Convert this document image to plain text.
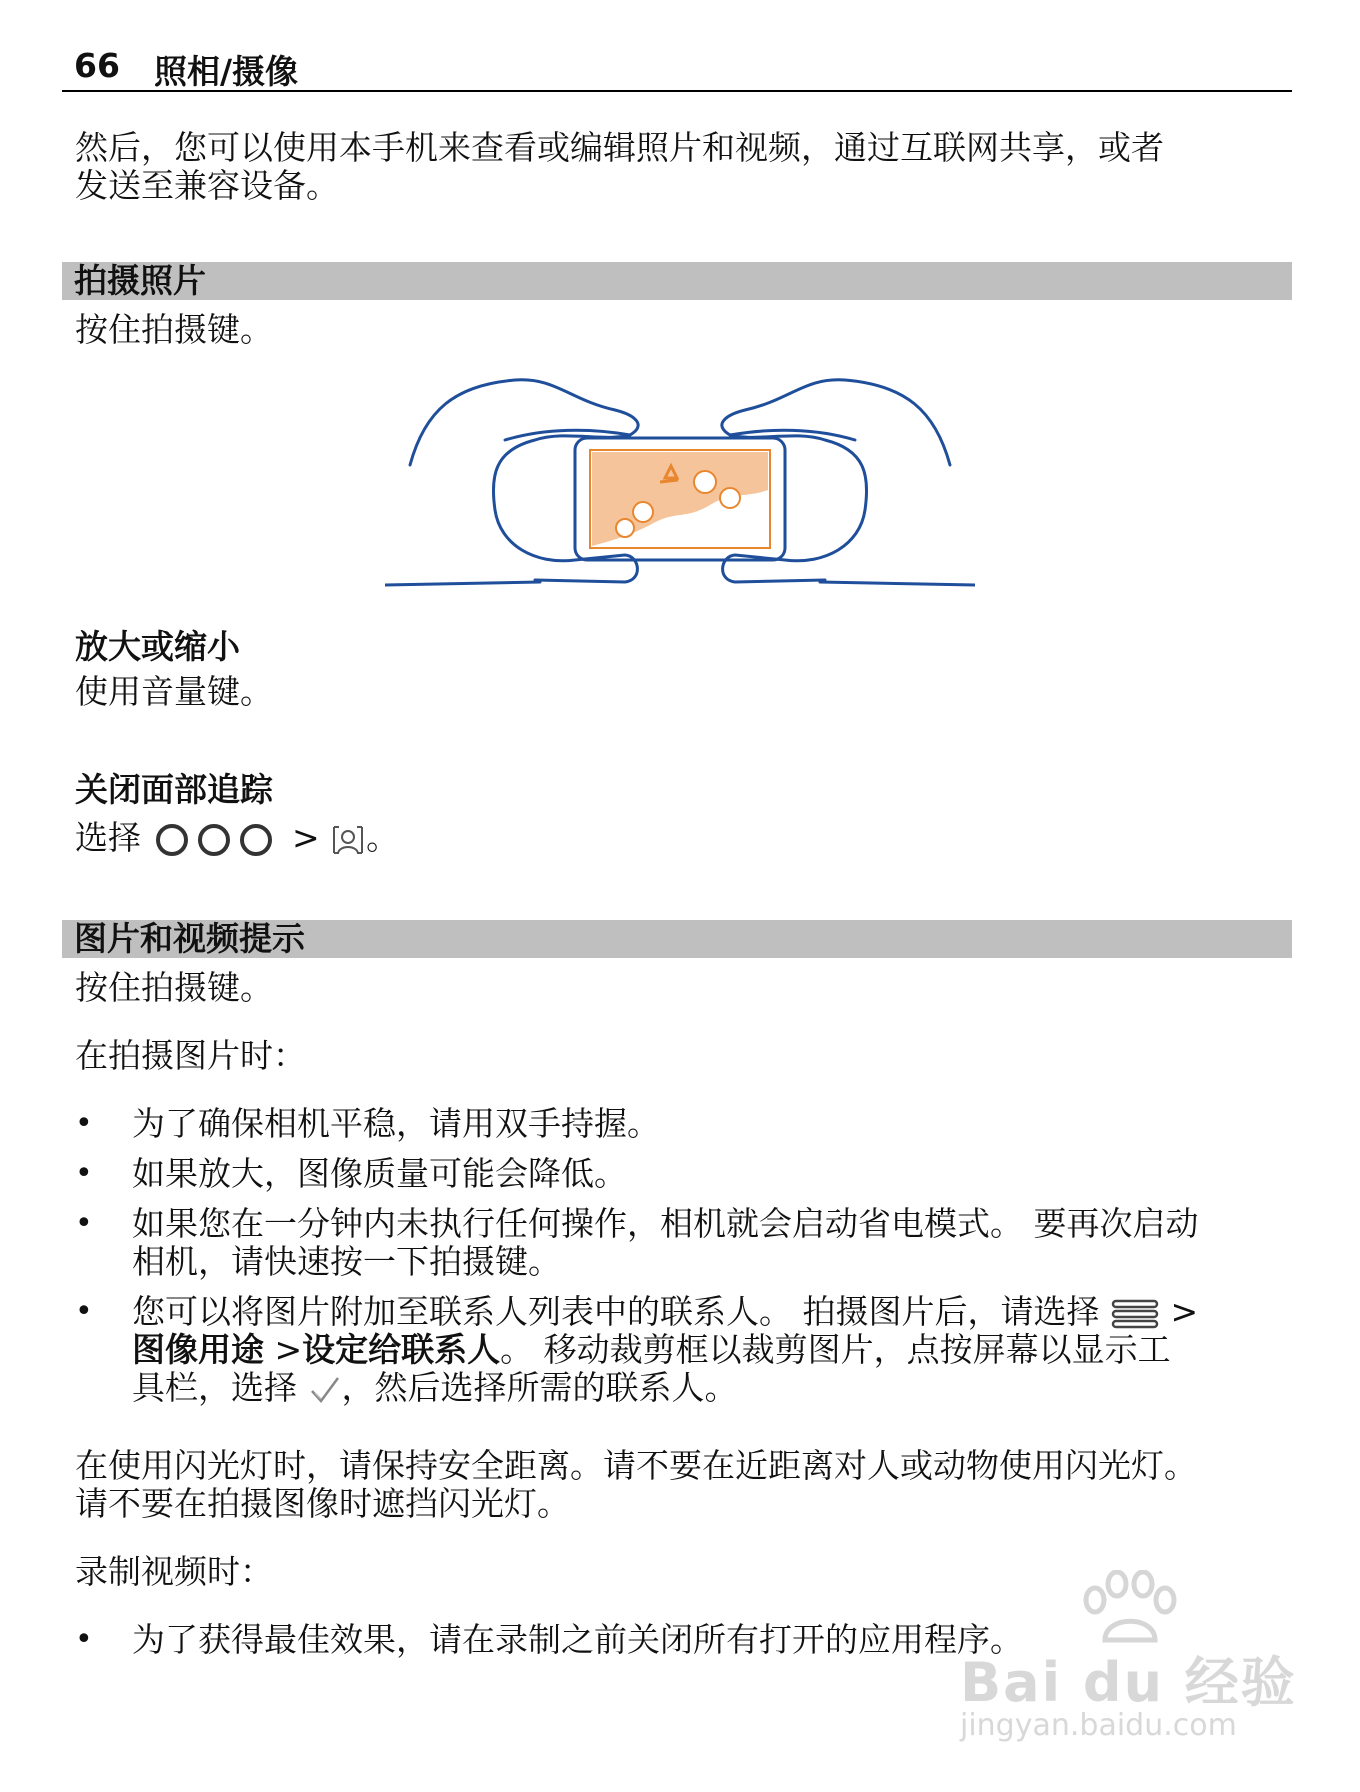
66 照相/摄像
然后，您可以使用本手机来查看或编辑照片和视频，通过互联网共享，或者
发送至兼容设备。
拍摄照片
按住拍摄键。
放大或缩小
使用音量键。
关闭面部追踪
选择	> 。
图片和视频提示
按住拍摄键。
在拍摄图片时：
• 为了确保相机平稳，请用双手持握。
• 如果放大，图像质量可能会降低。
• 如果您在一分钟内未执行任何操作，相机就会启动省电模式。 要再次启动
相机，请快速按一下拍摄键。
• 您可以将图片附加至联系人列表中的联系人。 拍摄图片后，请选择 >
图像用途 >设定给联系人。 移动裁剪框以裁剪图片，点按屏幕以显示工
具栏，选择 ，然后选择所需的联系人。
在使用闪光灯时，请保持安全距离。请不要在近距离对人或动物使用闪光灯。
请不要在拍摄图像时遮挡闪光灯。
录制视频时：
• 为了获得最佳效果，请在录制之前关闭所有打开的应用程序。
Bai du 经验
jingyan.baidu.com
